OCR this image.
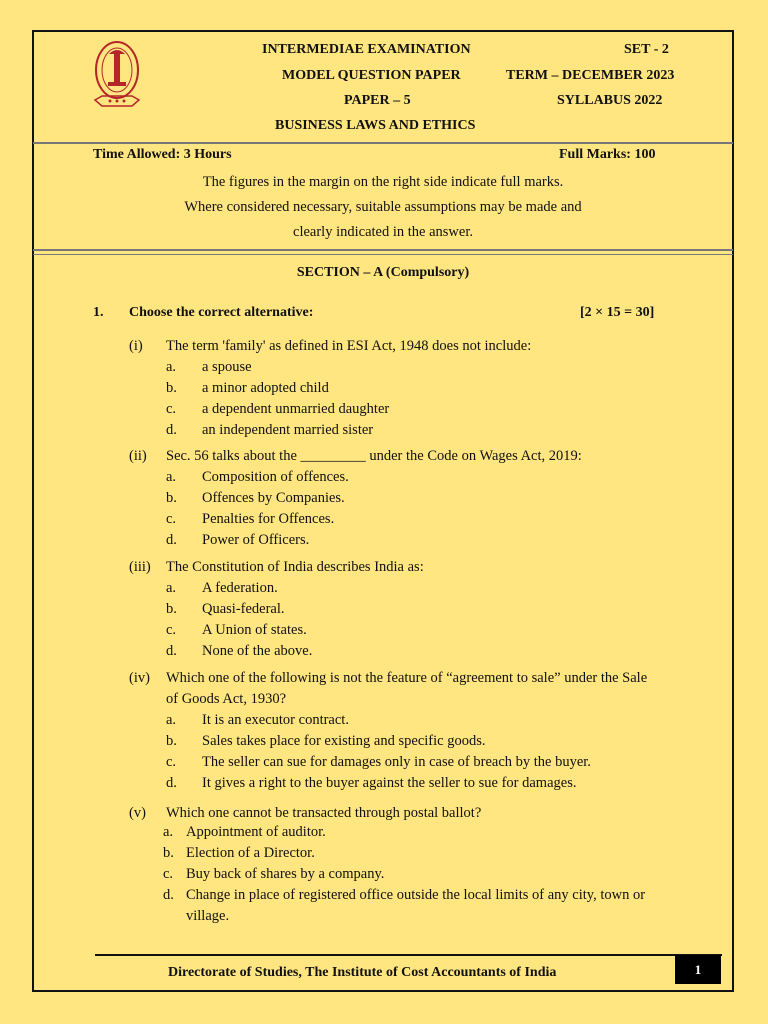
INTERMEDIAE EXAMINATION	SET - 2
MODEL QUESTION PAPER	TERM – DECEMBER 2023
PAPER – 5	SYLLABUS 2022
BUSINESS LAWS AND ETHICS
Time Allowed: 3 Hours	Full Marks: 100
The figures in the margin on the right side indicate full marks.
Where considered necessary, suitable assumptions may be made and
clearly indicated in the answer.
SECTION – A (Compulsory)
1. Choose the correct alternative:	[2 × 15 = 30]
(i) The term 'family' as defined in ESI Act, 1948 does not include:
a. a spouse
b. a minor adopted child
c. a dependent unmarried daughter
d. an independent married sister
(ii) Sec. 56 talks about the _________ under the Code on Wages Act, 2019:
a. Composition of offences.
b. Offences by Companies.
c. Penalties for Offences.
d. Power of Officers.
(iii) The Constitution of India describes India as:
a. A federation.
b. Quasi-federal.
c. A Union of states.
d. None of the above.
(iv) Which one of the following is not the feature of “agreement to sale” under the Sale
of Goods Act, 1930?
a. It is an executor contract.
b. Sales takes place for existing and specific goods.
c. The seller can sue for damages only in case of breach by the buyer.
d. It gives a right to the buyer against the seller to sue for damages.
(v) Which one cannot be transacted through postal ballot?
a. Appointment of auditor.
b. Election of a Director.
c. Buy back of shares by a company.
d. Change in place of registered office outside the local limits of any city, town or
village.
Directorate of Studies, The Institute of Cost Accountants of India	1
